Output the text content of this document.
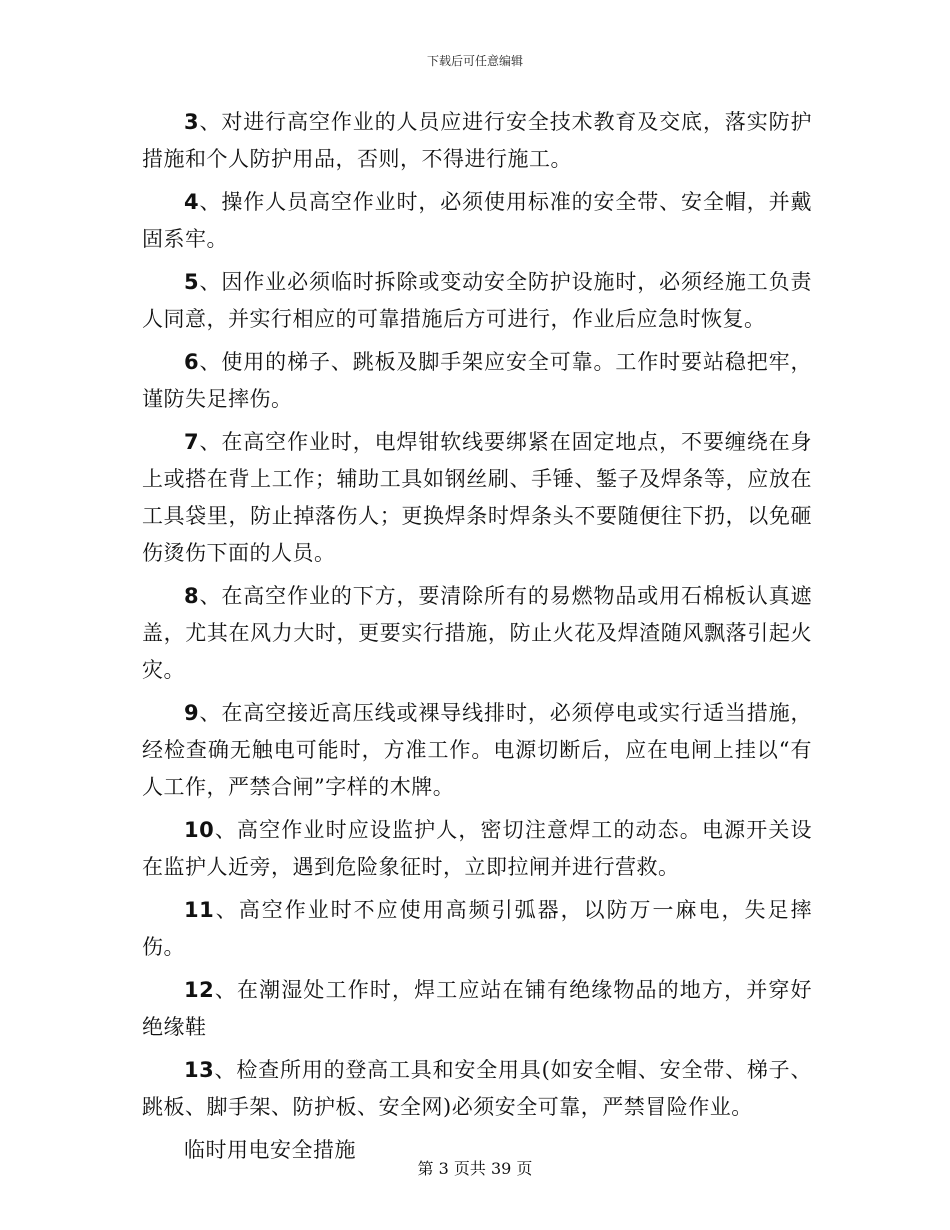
下载后可任意编辑

3、对进行高空作业的人员应进行安全技术教育及交底，落实防护措施和个人防护用品，否则，不得进行施工。

4、操作人员高空作业时，必须使用标准的安全带、安全帽，并戴固系牢。

5、因作业必须临时拆除或变动安全防护设施时，必须经施工负责人同意，并实行相应的可靠措施后方可进行，作业后应急时恢复。

6、使用的梯子、跳板及脚手架应安全可靠。工作时要站稳把牢，谨防失足摔伤。

7、在高空作业时，电焊钳软线要绑紧在固定地点，不要缠绕在身上或搭在背上工作；辅助工具如钢丝刷、手锤、錾子及焊条等，应放在工具袋里，防止掉落伤人；更换焊条时焊条头不要随便往下扔，以免砸伤烫伤下面的人员。

8、在高空作业的下方，要清除所有的易燃物品或用石棉板认真遮盖，尤其在风力大时，更要实行措施，防止火花及焊渣随风飘落引起火灾。

9、在高空接近高压线或裸导线排时，必须停电或实行适当措施，经检查确无触电可能时，方准工作。电源切断后，应在电闸上挂以“有人工作，严禁合闸”字样的木牌。

10、高空作业时应设监护人，密切注意焊工的动态。电源开关设在监护人近旁，遇到危险象征时，立即拉闸并进行营救。

11、高空作业时不应使用高频引弧器，以防万一麻电，失足摔伤。

12、在潮湿处工作时，焊工应站在铺有绝缘物品的地方，并穿好绝缘鞋

13、检查所用的登高工具和安全用具(如安全帽、安全带、梯子、跳板、脚手架、防护板、安全网)必须安全可靠，严禁冒险作业。

临时用电安全措施

第 3 页共 39 页
